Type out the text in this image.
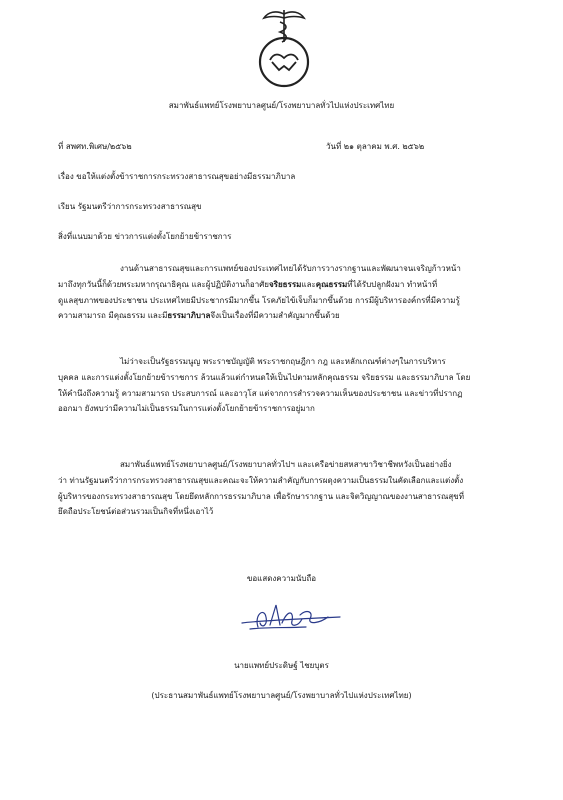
สมาพันธ์แพทย์โรงพยาบาลศูนย์/โรงพยาบาลทั่วไปแห่งประเทศไทย
ที่ สพศท.พิเศษ/๒๕๖๒	วันที่ ๒๑ ตุลาคม พ.ศ. ๒๕๖๒
เรื่อง ขอให้แต่งตั้งข้าราชการกระทรวงสาธารณสุขอย่างมีธรรมาภิบาล
เรียน รัฐมนตรีว่าการกระทรวงสาธารณสุข
สิ่งที่แนบมาด้วย ข่าวการแต่งตั้งโยกย้ายข้าราชการ
งานด้านสาธารณสุขและการแพทย์ของประเทศไทยได้รับการวางรากฐานและพัฒนาจนเจริญก้าวหน้า
มาถึงทุกวันนี้ก็ด้วยพระมหากรุณาธิคุณ และผู้ปฏิบัติงานก็อาศัยจริยธรรมและคุณธรรมที่ได้รับปลูกฝังมา ทำหน้าที่
ดูแลสุขภาพของประชาชน ประเทศไทยมีประชากรมีมากขึ้น โรคภัยไข้เจ็บก็มากขึ้นด้วย การมีผู้บริหารองค์กรที่มีความรู้
ความสามารถ มีคุณธรรม และมีธรรมาภิบาลจึงเป็นเรื่องที่มีความสำคัญมากขึ้นด้วย
ไม่ว่าจะเป็นรัฐธรรมนูญ พระราชบัญญัติ พระราชกฤษฎีกา กฎ และหลักเกณฑ์ต่างๆในการบริหาร
บุคคล และการแต่งตั้งโยกย้ายข้าราชการ ล้วนแล้วแต่กำหนดให้เป็นไปตามหลักคุณธรรม จริยธรรม และธรรมาภิบาล โดย
ให้คำนึงถึงความรู้ ความสามารถ ประสบการณ์ และอาวุโส แต่จากการสำรวจความเห็นของประชาชน และข่าวที่ปรากฏ
ออกมา ยังพบว่ามีความไม่เป็นธรรมในการแต่งตั้งโยกย้ายข้าราชการอยู่มาก
สมาพันธ์แพทย์โรงพยาบาลศูนย์/โรงพยาบาลทั่วไปฯ และเครือข่ายสหสาขาวิชาชีพหวังเป็นอย่างยิ่ง
ว่า ท่านรัฐมนตรีว่าการกระทรวงสาธารณสุขและคณะจะให้ความสำคัญกับการผดุงความเป็นธรรมในคัดเลือกและแต่งตั้ง
ผู้บริหารของกระทรวงสาธารณสุข โดยยึดหลักการธรรมาภิบาล เพื่อรักษารากฐาน และจิตวิญญาณของงานสาธารณสุขที่
ยึดถือประโยชน์ต่อส่วนรวมเป็นกิจที่หนึ่งเอาไว้
ขอแสดงความนับถือ
นายแพทย์ประดิษฐ์ ไชยบุตร
(ประธานสมาพันธ์แพทย์โรงพยาบาลศูนย์/โรงพยาบาลทั่วไปแห่งประเทศไทย)
